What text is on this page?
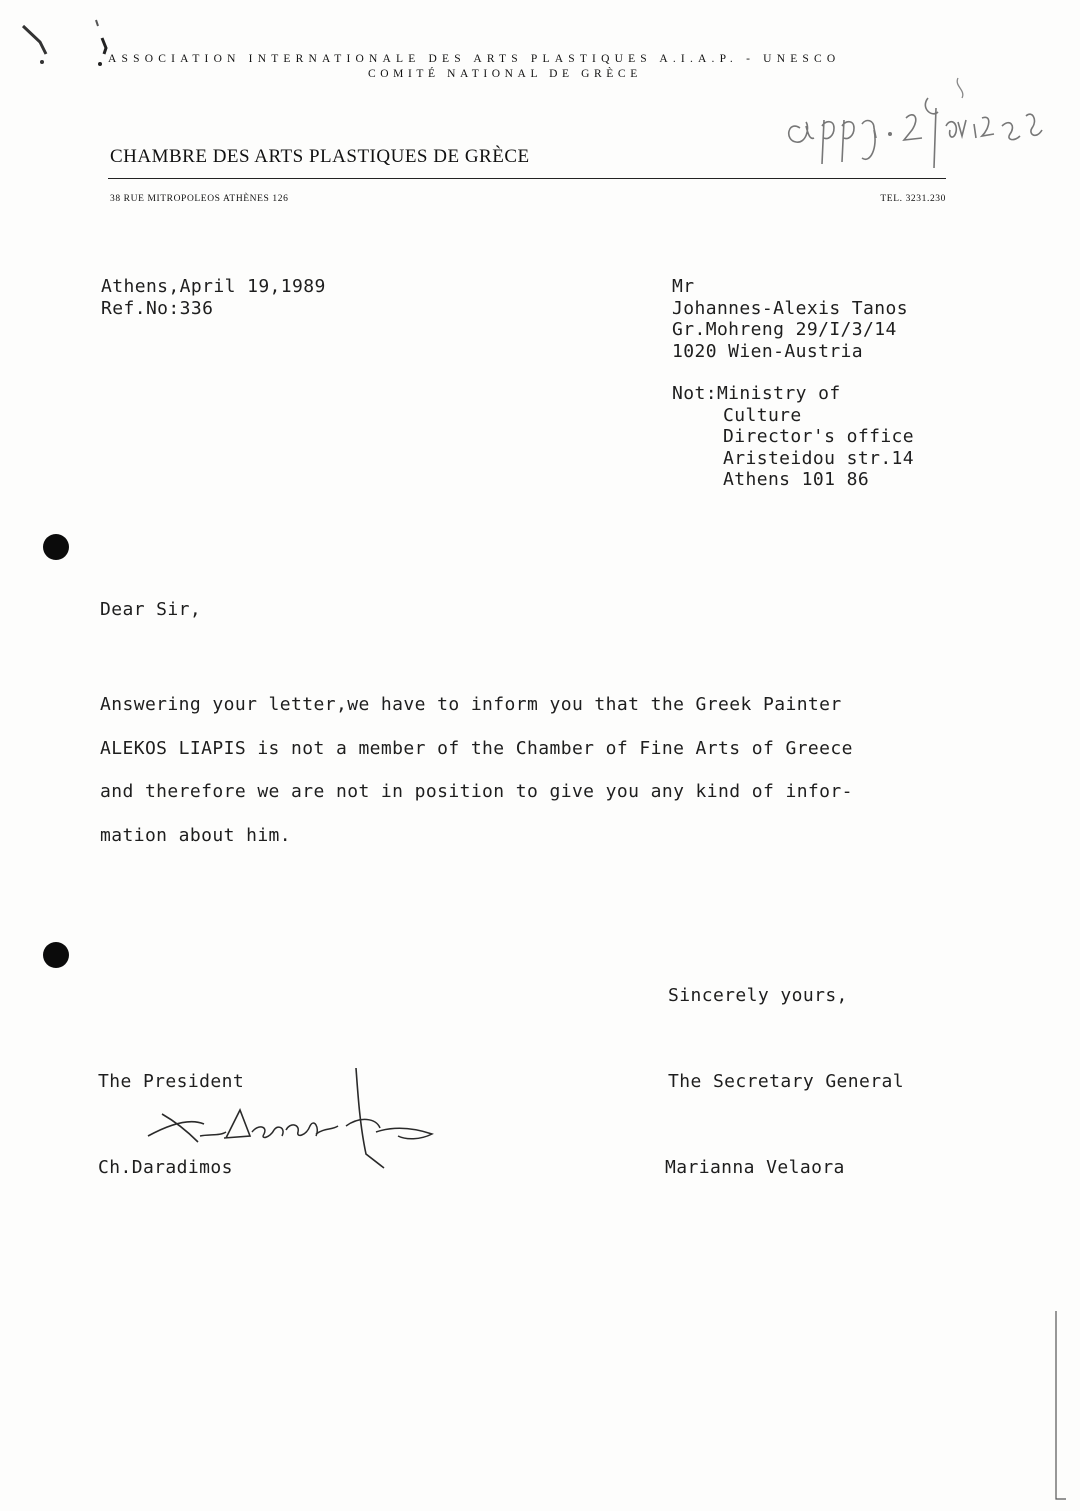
ASSOCIATION INTERNATIONALE DES ARTS PLASTIQUES A.I.A.P. - UNESCO
COMITÉ NATIONAL DE GRÈCE
CHAMBRE DES ARTS PLASTIQUES DE GRÈCE
38 RUE MITROPOLEOS ATHÈNES 126	TEL. 3231.230
Athens,April 19,1989
Ref.No:336
Mr
Johannes-Alexis Tanos
Gr.Mohreng 29/I/3/14
1020 Wien-Austria
Not:Ministry of
Culture
Director's office
Aristeidou str.14
Athens 101 86
Dear Sir,
Answering your letter,we have to inform you that the Greek Painter
ALEKOS LIAPIS is not a member of the Chamber of Fine Arts of Greece
and therefore we are not in position to give you any kind of infor-
mation about him.
Sincerely yours,
The President
Ch.Daradimos
The Secretary General
Marianna Velaora
